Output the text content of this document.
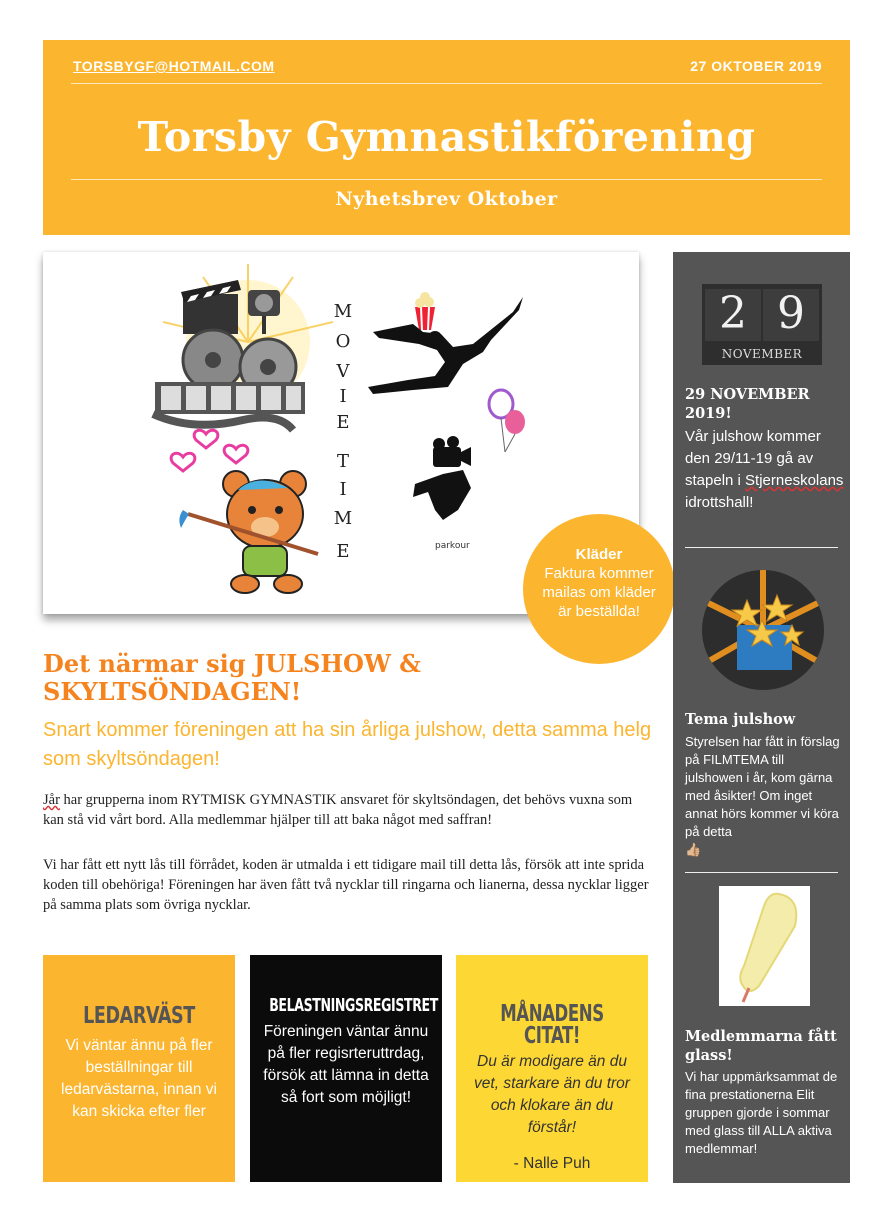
TORSBYGF@HOTMAIL.COM	27 OKTOBER 2019
Torsby Gymnastikförening
Nyhetsbrev Oktober
M
O
V
I
E
T
I
M
E	parkour	Kläder
Faktura kommer mailas om kläder är beställda!
Det närmar sig JULSHOW & SKYLTSÖNDAGEN!
Snart kommer föreningen att ha sin årliga julshow, detta samma helg som skyltsöndagen!
Jår har grupperna inom RYTMISK GYMNASTIK ansvaret för skyltsöndagen, det behövs vuxna som kan stå vid vårt bord. Alla medlemmar hjälper till att baka något med saffran!
Vi har fått ett nytt lås till förrådet, koden är utmalda i ett tidigare mail till detta lås, försök att inte sprida koden till obehöriga! Föreningen har även fått två nycklar till ringarna och lianerna, dessa nycklar ligger på samma plats som övriga nycklar.
LEDARVÄST
Vi väntar ännu på fler beställningar till ledarvästarna, innan vi kan skicka efter fler
BELASTNINGSREGISTRET
Föreningen väntar ännu på fler regisrteruttrdag, försök att lämna in detta så fort som möjligt!
MÅNADENS CITAT!
Du är modigare än du vet, starkare än du tror och klokare än du förstår!
- Nalle Puh
2 9
NOVEMBER
29 NOVEMBER 2019!
Vår julshow kommer den 29/11-19 gå av stapeln i Stjerneskolans idrottshall!
Tema julshow
Styrelsen har fått in förslag på FILMTEMA till julshowen i år, kom gärna med åsikter! Om inget annat hörs kommer vi köra på detta
👍🏼
Medlemmarna fått glass!
Vi har uppmärksammat de fina prestationerna Elit gruppen gjorde i sommar med glass till ALLA aktiva medlemmar!
